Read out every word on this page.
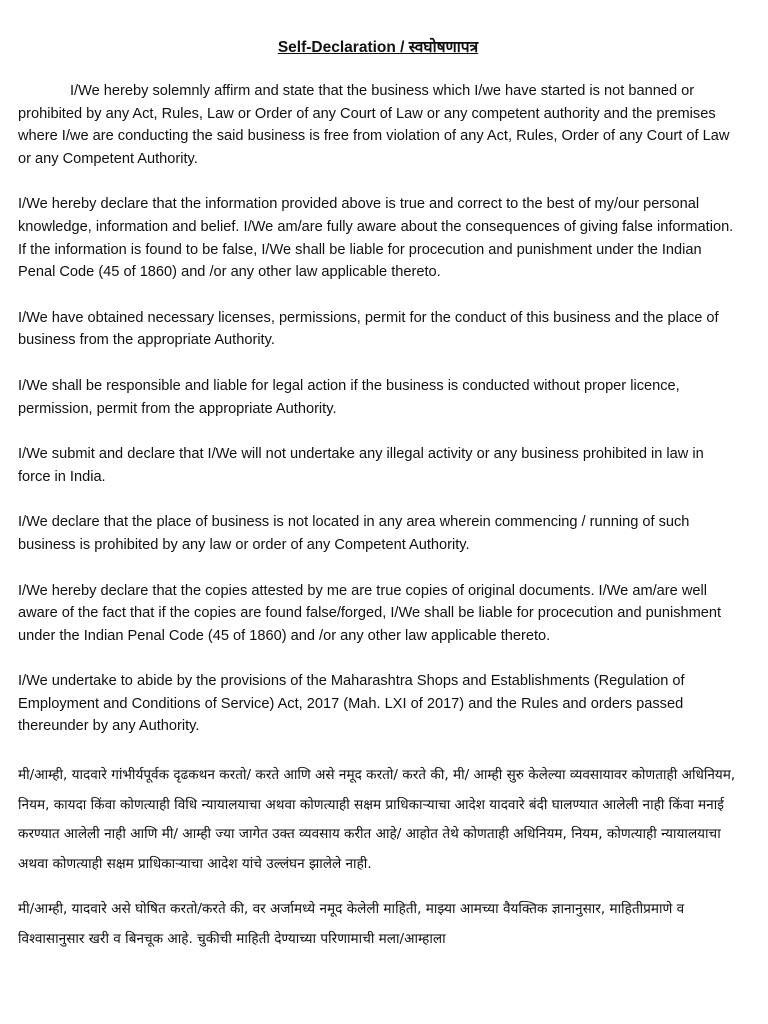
Self-Declaration / स्वघोषणापत्र

I/We hereby solemnly affirm and state that the business which I/we have started is not banned or prohibited by any Act, Rules, Law or Order of any Court of Law or any competent authority and the premises where I/we are conducting the said business is free from violation of any Act, Rules, Order of any Court of Law or any Competent Authority.

I/We hereby declare that the information provided above is true and correct to the best of my/our personal knowledge, information and belief. I/We am/are fully aware about the consequences of giving false information. If the information is found to be false, I/We shall be liable for procecution and punishment under the Indian Penal Code (45 of 1860) and /or any other law applicable thereto.

I/We have obtained necessary licenses, permissions, permit for the conduct of this business and the place of business from the appropriate Authority.

I/We shall be responsible and liable for legal action if the business is conducted without proper licence, permission, permit from the appropriate Authority.

I/We submit and declare that I/We will not undertake any illegal activity or any business prohibited in law in force in India.

I/We declare that the place of business is not located in any area wherein commencing / running of such business is prohibited by any law or order of any Competent Authority.

I/We hereby declare that the copies attested by me are true copies of original documents. I/We am/are well aware of the fact that if the copies are found false/forged, I/We shall be liable for procecution and punishment under the Indian Penal Code (45 of 1860) and /or any other law applicable thereto.

I/We undertake to abide by the provisions of the Maharashtra Shops and Establishments (Regulation of Employment and Conditions of Service) Act, 2017 (Mah. LXI of 2017) and the Rules and orders passed thereunder by any Authority.

मी/आम्ही, यादवारे गांभीर्यपूर्वक दृढकथन करतो/ करते आणि असे नमूद करतो/ करते की, मी/ आम्ही सुरु केलेल्या व्यवसायावर कोणताही अधिनियम, नियम, कायदा किंवा कोणत्याही विधि न्यायालयाचा अथवा कोणत्याही सक्षम प्राधिकाऱ्याचा आदेश यादवारे बंदी घालण्यात आलेली नाही किंवा मनाई करण्यात आलेली नाही आणि मी/ आम्ही ज्या जागेत उक्त व्यवसाय करीत आहे/ आहोत तेथे कोणताही अधिनियम, नियम, कोणत्याही न्यायालयाचा अथवा कोणत्याही सक्षम प्राधिकाऱ्याचा आदेश यांचे उल्लंघन झालेले नाही.

मी/आम्ही, यादवारे असे घोषित करतो/करते की, वर अर्जामध्ये नमूद केलेली माहिती, माझ्या आमच्या वैयक्तिक ज्ञानानुसार, माहितीप्रमाणे व विश्वासानुसार खरी व बिनचूक आहे. चुकीची माहिती देण्याच्या परिणामाची मला/आम्हाला
